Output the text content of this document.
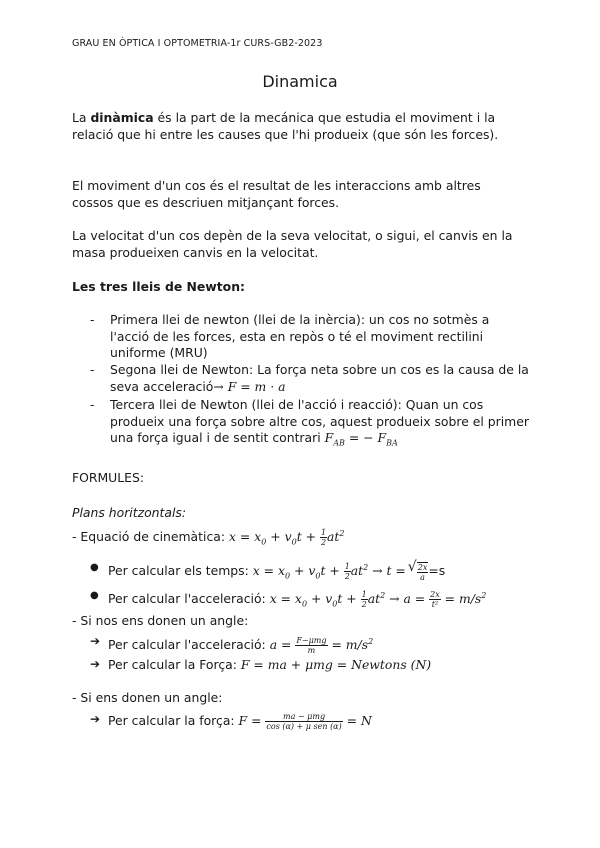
GRAU EN ÒPTICA I OPTOMETRIA-1r CURS-GB2-2023
Dinamica
La dinàmica és la part de la mecánica que estudia el moviment i la relació que hi entre les causes que l'hi produeix (que són les forces).
El moviment d'un cos és el resultat de les interaccions amb altres cossos que es descriuen mitjançant forces.
La velocitat d'un cos depèn de la seva velocitat, o sigui, el canvis en la masa produeixen canvis en la velocitat.
Les tres lleis de Newton:
- Primera llei de newton (llei de la inèrcia): un cos no sotmès a l'acció de les forces, esta en repòs o té el moviment rectilini uniforme (MRU)
- Segona llei de Newton: La força neta sobre un cos es la causa de la seva acceleració→ F = m · a
- Tercera llei de Newton (llei de l'acció i reacció): Quan un cos produeix una força sobre altre cos, aquest produeix sobre el primer una força igual i de sentit contrari $F_{AB}$ = − $F_{BA}$
FORMULES:
Plans horitzontals:
- Equació de cinemàtica: $x = x_0 + v_0t + \frac{1}{2} at^2$
● Per calcular els temps: $x = x_0 + v_0t + \frac{1}{2} at^2 \to t$ =
√ $\frac{2x}{a} =s$
● Per calcular l'acceleració: $x = x_0 + v_0t + \frac{1}{2} at^2 \to a = \frac{2x}{\text{t²}} = m/s^2$
- Si nos ens donen un angle:
➔ Per calcular l'acceleració: $a = \frac{\text{F−μmg}}{m} = m/s^2$
➔ Per calcular la Força: F = ma + μmg = Newtons (N)
- Si ens donen un angle:
➔ Per calcular la força: $F = \frac{\text{ma − μmg}}{\text{cos (α) + μ sen (α)}} = N$
